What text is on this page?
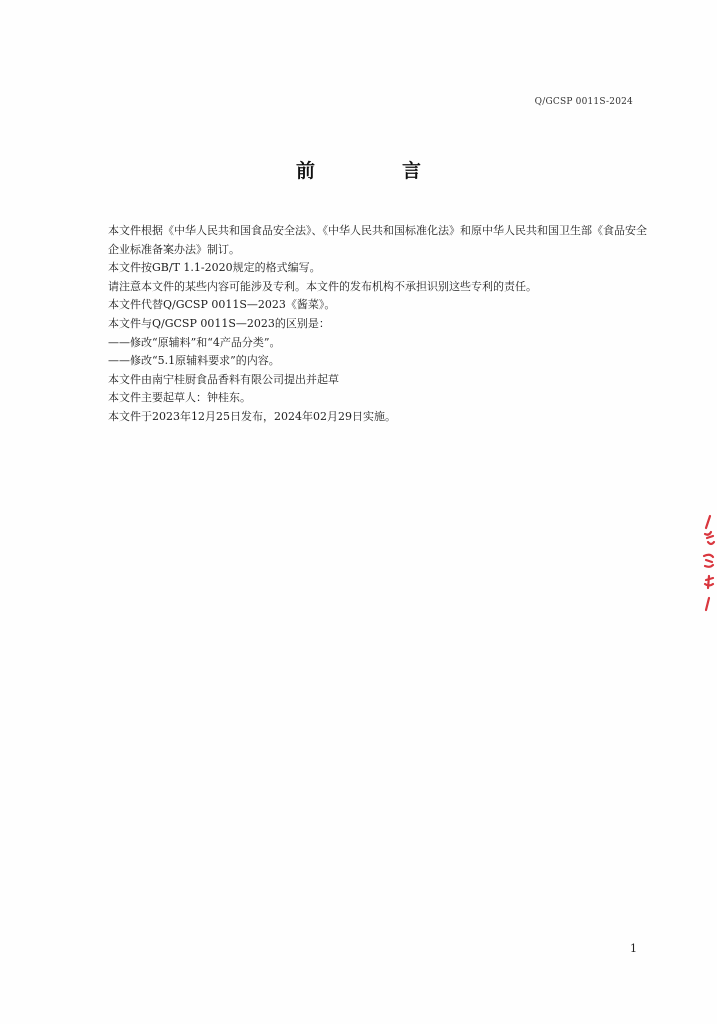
Q/GCSP 0011S-2024
前　言

本文件根据《中华人民共和国食品安全法》、《中华人民共和国标准化法》和原中华人民共和国卫生部《食品安全企业标准备案办法》制订。

本文件按GB/T 1.1-2020规定的格式编写。

请注意本文件的某些内容可能涉及专利。本文件的发布机构不承担识别这些专利的责任。

本文件代替Q/GCSP 0011S—2023《酱菜》。

本文件与Q/GCSP 0011S—2023的区别是：

——修改“原辅料”和“4产品分类”。

——修改“5.1原辅料要求”的内容。

本文件由南宁桂厨食品香料有限公司提出并起草

本文件主要起草人：钟桂东。

本文件于2023年12月25日发布，2024年02月29日实施。

1
